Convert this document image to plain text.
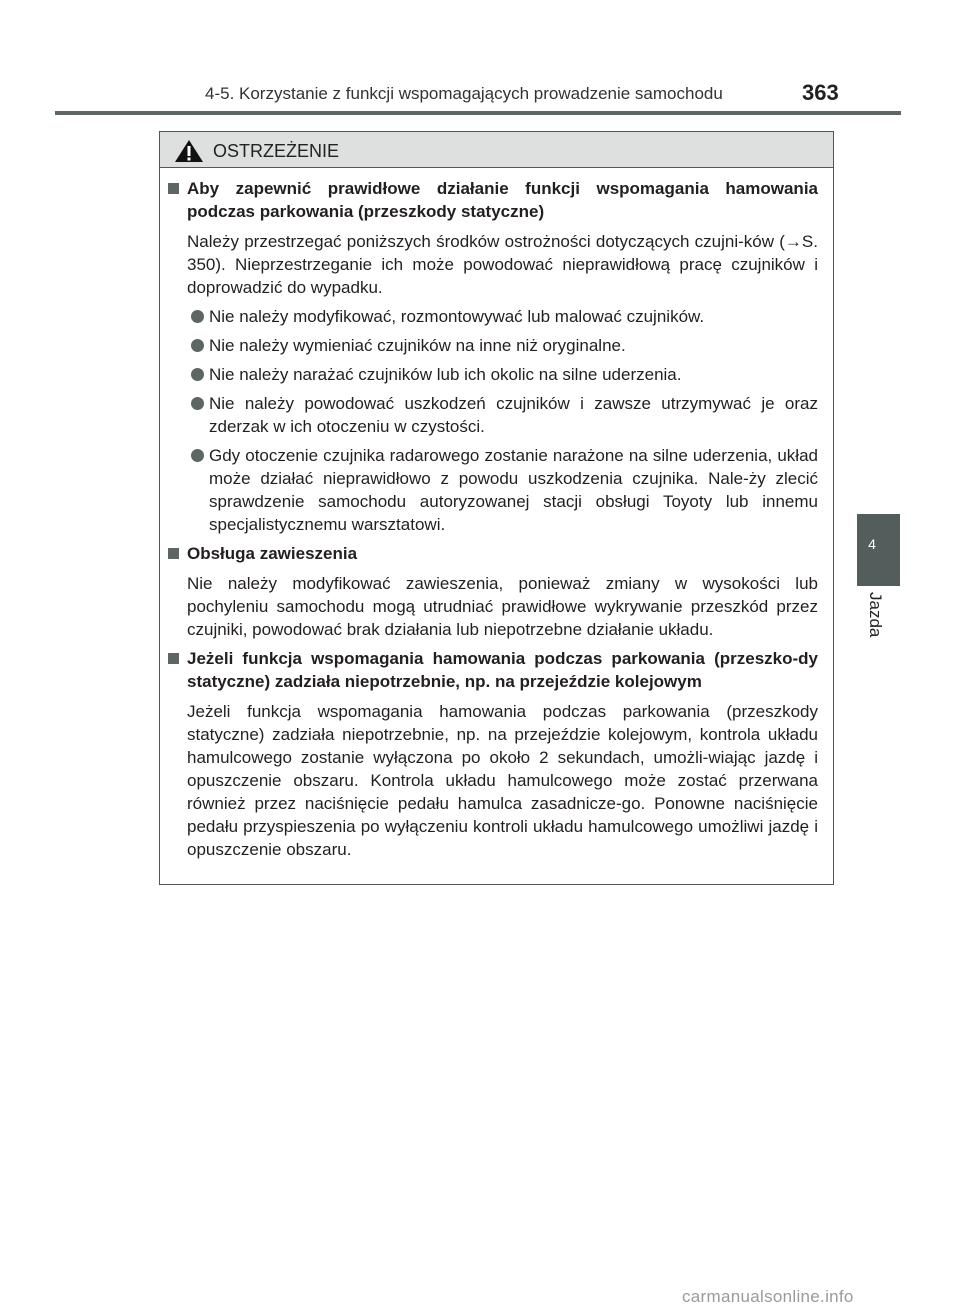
4-5. Korzystanie z funkcji wspomagających prowadzenie samochodu	363
OSTRZEŻENIE
Aby zapewnić prawidłowe działanie funkcji wspomagania hamowania podczas parkowania (przeszkody statyczne)
Należy przestrzegać poniższych środków ostrożności dotyczących czujni-ków (→S. 350). Nieprzestrzeganie ich może powodować nieprawidłową pracę czujników i doprowadzić do wypadku.
Nie należy modyfikować, rozmontowywać lub malować czujników.
Nie należy wymieniać czujników na inne niż oryginalne.
Nie należy narażać czujników lub ich okolic na silne uderzenia.
Nie należy powodować uszkodzeń czujników i zawsze utrzymywać je oraz zderzak w ich otoczeniu w czystości.
Gdy otoczenie czujnika radarowego zostanie narażone na silne uderzenia, układ może działać nieprawidłowo z powodu uszkodzenia czujnika. Nale-ży zlecić sprawdzenie samochodu autoryzowanej stacji obsługi Toyoty lub innemu specjalistycznemu warsztatowi.
Obsługa zawieszenia
Nie należy modyfikować zawieszenia, ponieważ zmiany w wysokości lub pochyleniu samochodu mogą utrudniać prawidłowe wykrywanie przeszkód przez czujniki, powodować brak działania lub niepotrzebne działanie układu.
Jeżeli funkcja wspomagania hamowania podczas parkowania (przeszko-dy statyczne) zadziała niepotrzebnie, np. na przejeździe kolejowym
Jeżeli funkcja wspomagania hamowania podczas parkowania (przeszkody statyczne) zadziała niepotrzebnie, np. na przejeździe kolejowym, kontrola układu hamulcowego zostanie wyłączona po około 2 sekundach, umożli-wiając jazdę i opuszczenie obszaru. Kontrola układu hamulcowego może zostać przerwana również przez naciśnięcie pedału hamulca zasadnicze-go. Ponowne naciśnięcie pedału przyspieszenia po wyłączeniu kontroli układu hamulcowego umożliwi jazdę i opuszczenie obszaru.
4
Jazda
carmanualsonline.info
